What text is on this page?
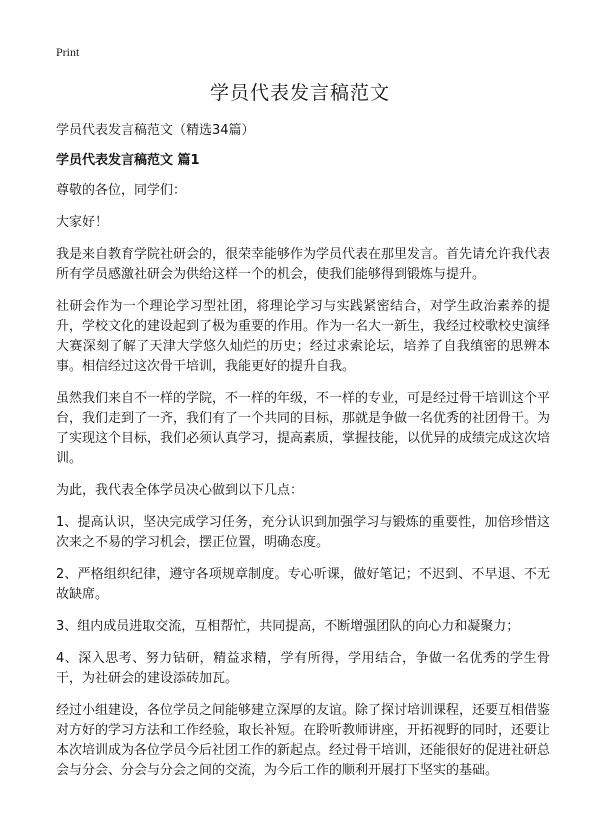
Print
学员代表发言稿范文

学员代表发言稿范文（精选34篇）

学员代表发言稿范文 篇1

尊敬的各位，同学们：

大家好！

我是来自教育学院社研会的，很荣幸能够作为学员代表在那里发言。首先请允许我代表所有学员感激社研会为供给这样一个的机会，使我们能够得到锻炼与提升。

社研会作为一个理论学习型社团，将理论学习与实践紧密结合，对学生政治素养的提升，学校文化的建设起到了极为重要的作用。作为一名大一新生，我经过校歌校史演绎大赛深刻了解了天津大学悠久灿烂的历史；经过求索论坛，培养了自我缜密的思辨本事。相信经过这次骨干培训，我能更好的提升自我。

虽然我们来自不一样的学院，不一样的年级，不一样的专业，可是经过骨干培训这个平台，我们走到了一齐，我们有了一个共同的目标，那就是争做一名优秀的社团骨干。为了实现这个目标，我们必须认真学习，提高素质，掌握技能，以优异的成绩完成这次培训。

为此，我代表全体学员决心做到以下几点：

1、提高认识，坚决完成学习任务，充分认识到加强学习与锻炼的重要性，加倍珍惜这次来之不易的学习机会，摆正位置，明确态度。

2、严格组织纪律，遵守各项规章制度。专心听课，做好笔记；不迟到、不早退、不无故缺席。

3、组内成员进取交流，互相帮忙，共同提高，不断增强团队的向心力和凝聚力；

4、深入思考、努力钻研，精益求精，学有所得，学用结合，争做一名优秀的学生骨干，为社研会的建设添砖加瓦。

经过小组建设，各位学员之间能够建立深厚的友谊。除了探讨培训课程，还要互相借鉴对方好的学习方法和工作经验，取长补短。在聆听教师讲座，开拓视野的同时，还要让本次培训成为各位学员今后社团工作的新起点。经过骨干培训，还能很好的促进社研总会与分会、分会与分会之间的交流，为今后工作的顺利开展打下坚实的基础。
